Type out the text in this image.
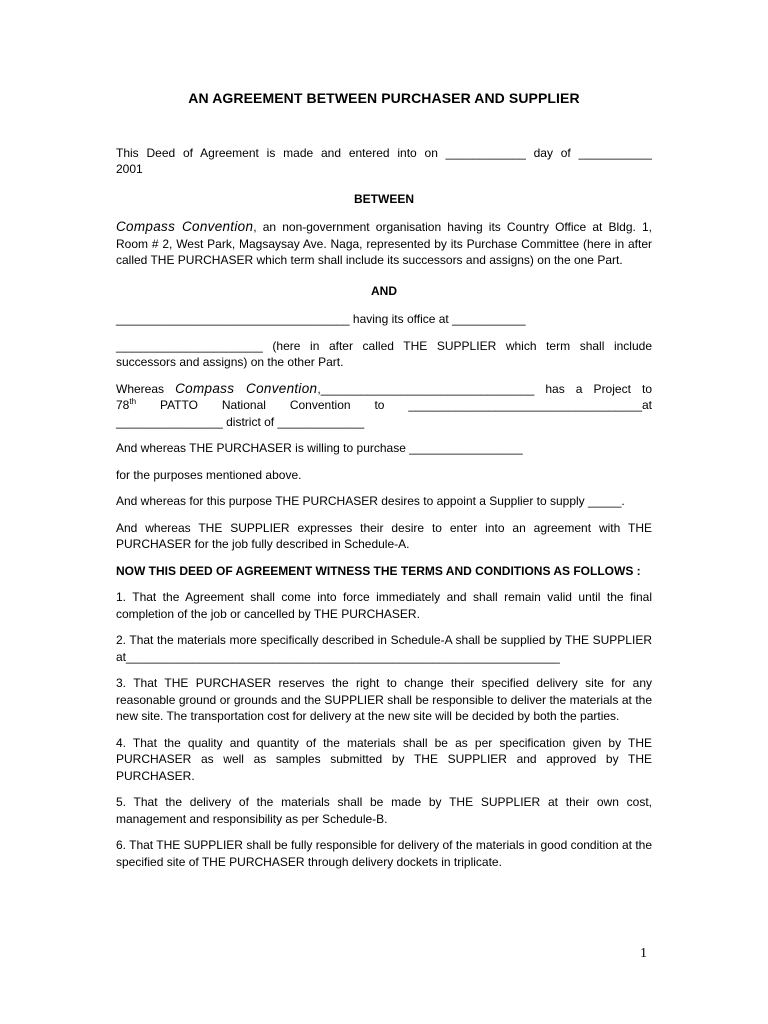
AN AGREEMENT BETWEEN PURCHASER AND SUPPLIER

This Deed of Agreement is made and entered into on ____________ day of ___________

2001

BETWEEN

Compass Convention, an non-government organisation having its Country Office at Bldg. 1, Room # 2, West Park, Magsaysay Ave. Naga, represented by its Purchase Committee (here in after called THE PURCHASER which term shall include its successors and assigns) on the one Part.

AND

___________________________________ having its office at ___________

______________________ (here in after called THE SUPPLIER which term shall include successors and assigns) on the other Part.

Whereas Compass Convention,________________________________ has a Project to

78th PATTO National Convention to ___________________________________at

________________ district of _____________

And whereas THE PURCHASER is willing to purchase _________________

for the purposes mentioned above.

And whereas for this purpose THE PURCHASER desires to appoint a Supplier to supply _____.

And whereas THE SUPPLIER expresses their desire to enter into an agreement with THE PURCHASER for the job fully described in Schedule-A.

NOW THIS DEED OF AGREEMENT WITNESS THE TERMS AND CONDITIONS AS FOLLOWS :

1. That the Agreement shall come into force immediately and shall remain valid until the final completion of the job or cancelled by THE PURCHASER.

2. That the materials more specifically described in Schedule-A shall be supplied by THE SUPPLIER at_________________________________________________________________

3. That THE PURCHASER reserves the right to change their specified delivery site for any reasonable ground or grounds and the SUPPLIER shall be responsible to deliver the materials at the new site. The transportation cost for delivery at the new site will be decided by both the parties.

4. That the quality and quantity of the materials shall be as per specification given by THE PURCHASER as well as samples submitted by THE SUPPLIER and approved by THE PURCHASER.

5. That the delivery of the materials shall be made by THE SUPPLIER at their own cost, management and responsibility as per Schedule-B.

6. That THE SUPPLIER shall be fully responsible for delivery of the materials in good condition at the specified site of THE PURCHASER through delivery dockets in triplicate.

1
